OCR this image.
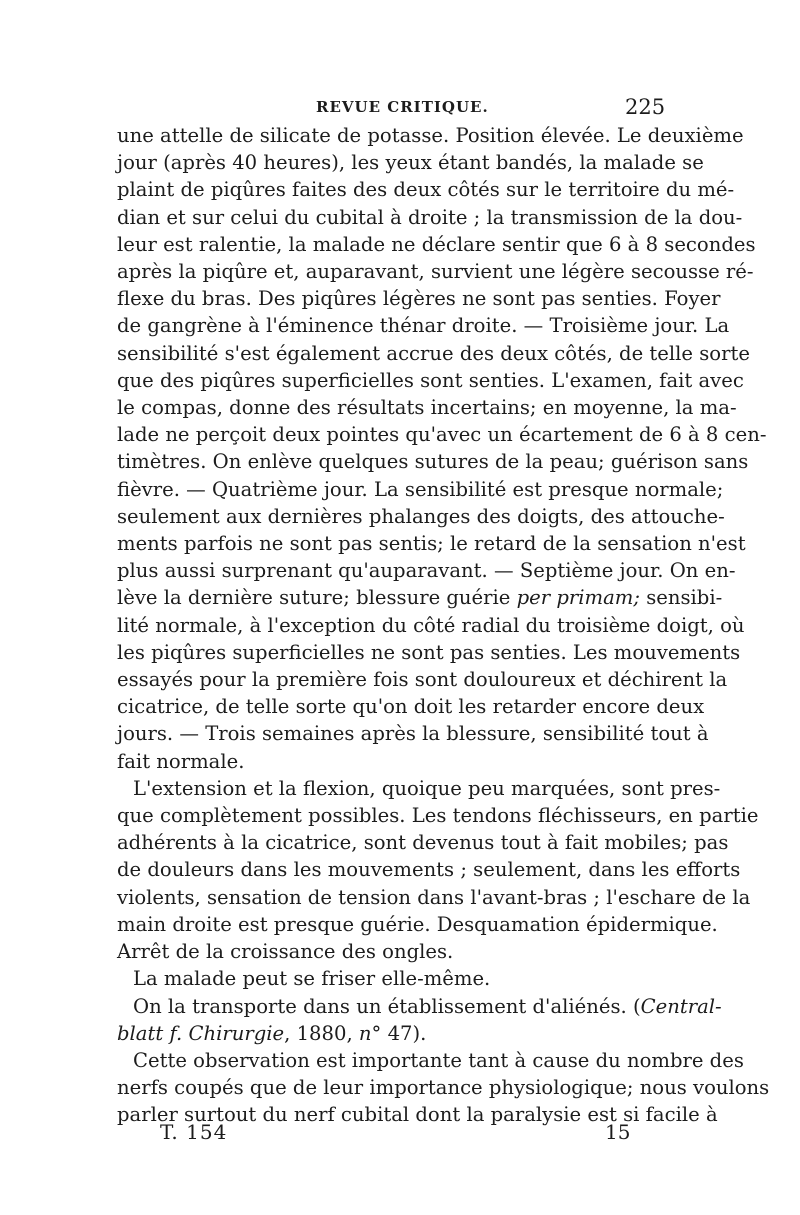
REVUE CRITIQUE.	225
une attelle de silicate de potasse. Position élevée. Le deuxième
jour (après 40 heures), les yeux étant bandés, la malade se
plaint de piqûres faites des deux côtés sur le territoire du mé-
dian et sur celui du cubital à droite ; la transmission de la dou-
leur est ralentie, la malade ne déclare sentir que 6 à 8 secondes
après la piqûre et, auparavant, survient une légère secousse ré-
flexe du bras. Des piqûres légères ne sont pas senties. Foyer
de gangrène à l'éminence thénar droite. — Troisième jour. La
sensibilité s'est également accrue des deux côtés, de telle sorte
que des piqûres superficielles sont senties. L'examen, fait avec
le compas, donne des résultats incertains; en moyenne, la ma-
lade ne perçoit deux pointes qu'avec un écartement de 6 à 8 cen-
timètres. On enlève quelques sutures de la peau; guérison sans
fièvre. — Quatrième jour. La sensibilité est presque normale;
seulement aux dernières phalanges des doigts, des attouche-
ments parfois ne sont pas sentis; le retard de la sensation n'est
plus aussi surprenant qu'auparavant. — Septième jour. On en-
lève la dernière suture; blessure guérie per primam; sensibi-
lité normale, à l'exception du côté radial du troisième doigt, où
les piqûres superficielles ne sont pas senties. Les mouvements
essayés pour la première fois sont douloureux et déchirent la
cicatrice, de telle sorte qu'on doit les retarder encore deux
jours. — Trois semaines après la blessure, sensibilité tout à
fait normale.
L'extension et la flexion, quoique peu marquées, sont pres-
que complètement possibles. Les tendons fléchisseurs, en partie
adhérents à la cicatrice, sont devenus tout à fait mobiles; pas
de douleurs dans les mouvements ; seulement, dans les efforts
violents, sensation de tension dans l'avant-bras ; l'eschare de la
main droite est presque guérie. Desquamation épidermique.
Arrêt de la croissance des ongles.
La malade peut se friser elle-même.
On la transporte dans un établissement d'aliénés. (Central-
blatt f. Chirurgie, 1880, n° 47).
Cette observation est importante tant à cause du nombre des
nerfs coupés que de leur importance physiologique; nous voulons
parler surtout du nerf cubital dont la paralysie est si facile à
T. 154	15
